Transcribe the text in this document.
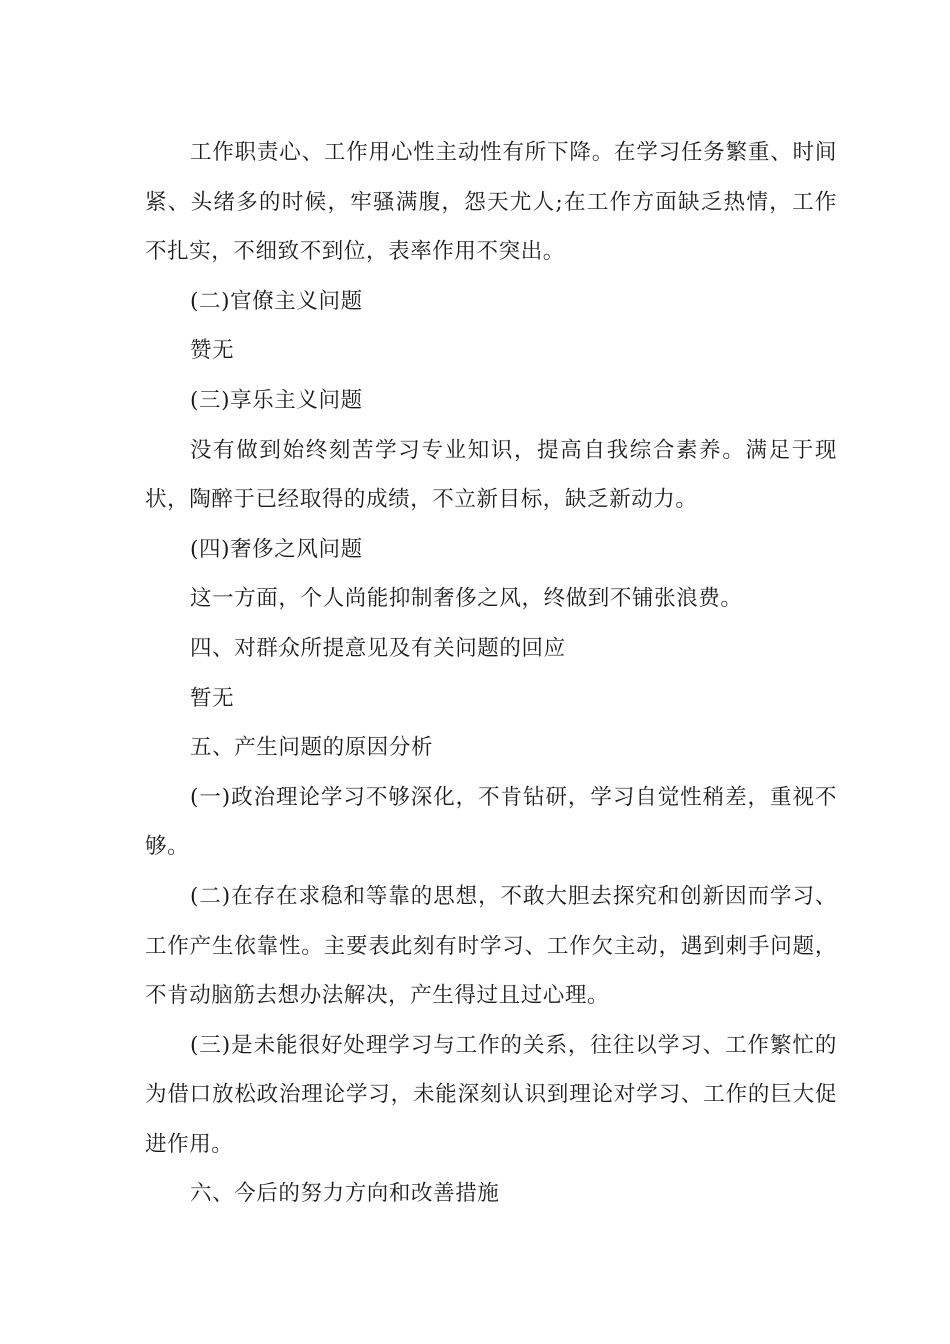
工作职责心、工作用心性主动性有所下降。在学习任务繁重、时间紧、头绪多的时候，牢骚满腹，怨天尤人;在工作方面缺乏热情，工作不扎实，不细致不到位，表率作用不突出。

(二)官僚主义问题

赞无

(三)享乐主义问题

没有做到始终刻苦学习专业知识，提高自我综合素养。满足于现状，陶醉于已经取得的成绩，不立新目标，缺乏新动力。

(四)奢侈之风问题

这一方面，个人尚能抑制奢侈之风，终做到不铺张浪费。

四、对群众所提意见及有关问题的回应

暂无

五、产生问题的原因分析

(一)政治理论学习不够深化，不肯钻研，学习自觉性稍差，重视不够。

(二)在存在求稳和等靠的思想，不敢大胆去探究和创新因而学习、工作产生依靠性。主要表此刻有时学习、工作欠主动，遇到刺手问题，不肯动脑筋去想办法解决，产生得过且过心理。

(三)是未能很好处理学习与工作的关系，往往以学习、工作繁忙的为借口放松政治理论学习，未能深刻认识到理论对学习、工作的巨大促进作用。

六、今后的努力方向和改善措施
